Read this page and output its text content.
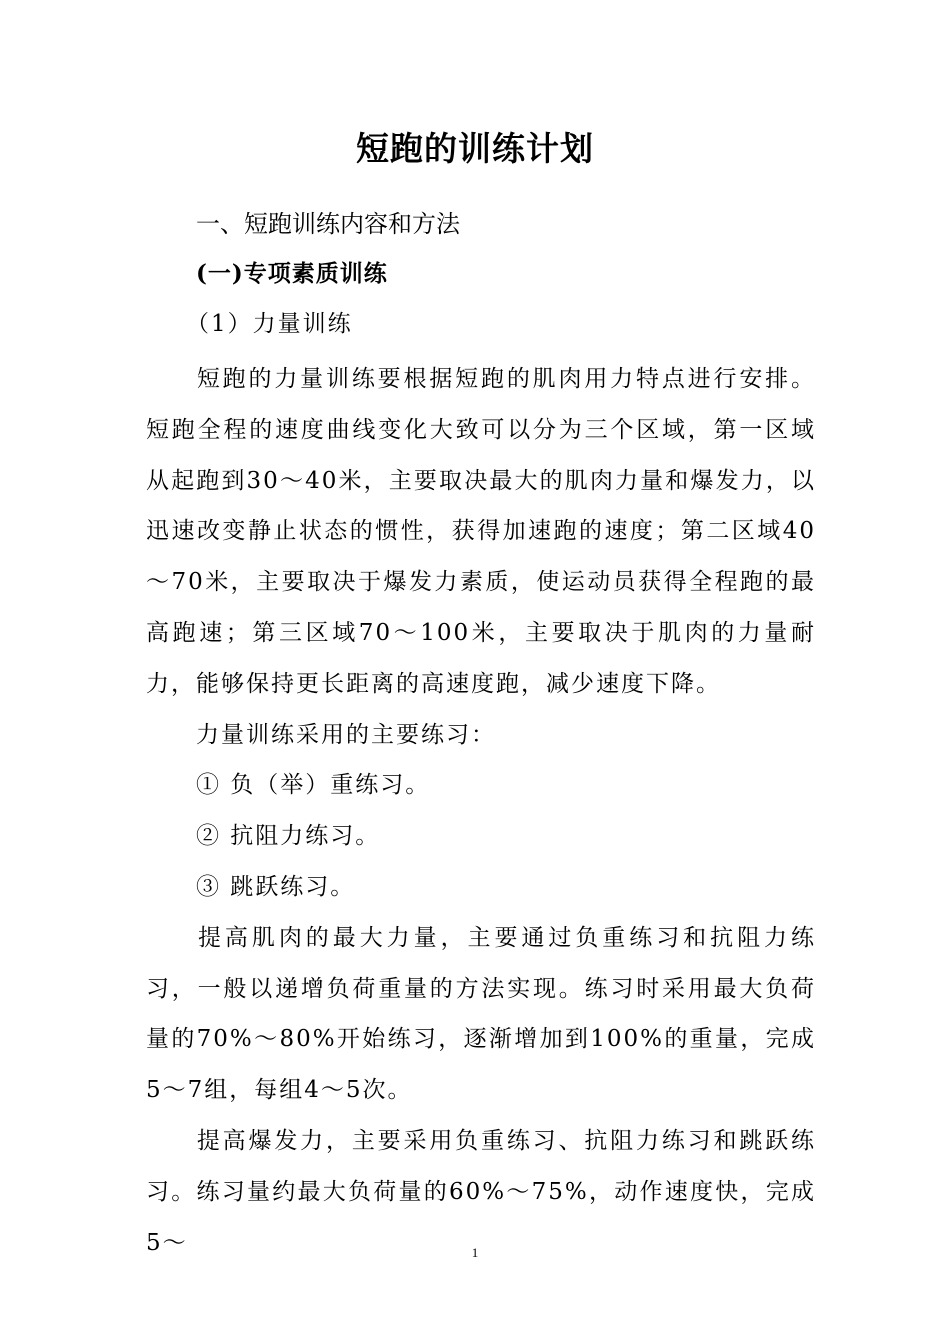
短跑的训练计划

一、短跑训练内容和方法

(一)专项素质训练

（1）力量训练

短跑的力量训练要根据短跑的肌肉用力特点进行安排。短跑全程的速度曲线变化大致可以分为三个区域，第一区域从起跑到30～40米，主要取决最大的肌肉力量和爆发力，以迅速改变静止状态的惯性，获得加速跑的速度；第二区域40～70米，主要取决于爆发力素质，使运动员获得全程跑的最高跑速；第三区域70～100米，主要取决于肌肉的力量耐力，能够保持更长距离的高速度跑，减少速度下降。

力量训练采用的主要练习：

① 负（举）重练习。

② 抗阻力练习。

③ 跳跃练习。

提高肌肉的最大力量，主要通过负重练习和抗阻力练习，一般以递增负荷重量的方法实现。练习时采用最大负荷量的70%～80%开始练习，逐渐增加到100%的重量，完成5～7组，每组4～5次。

提高爆发力，主要采用负重练习、抗阻力练习和跳跃练习。练习量约最大负荷量的60%～75%，动作速度快，完成5～	1
